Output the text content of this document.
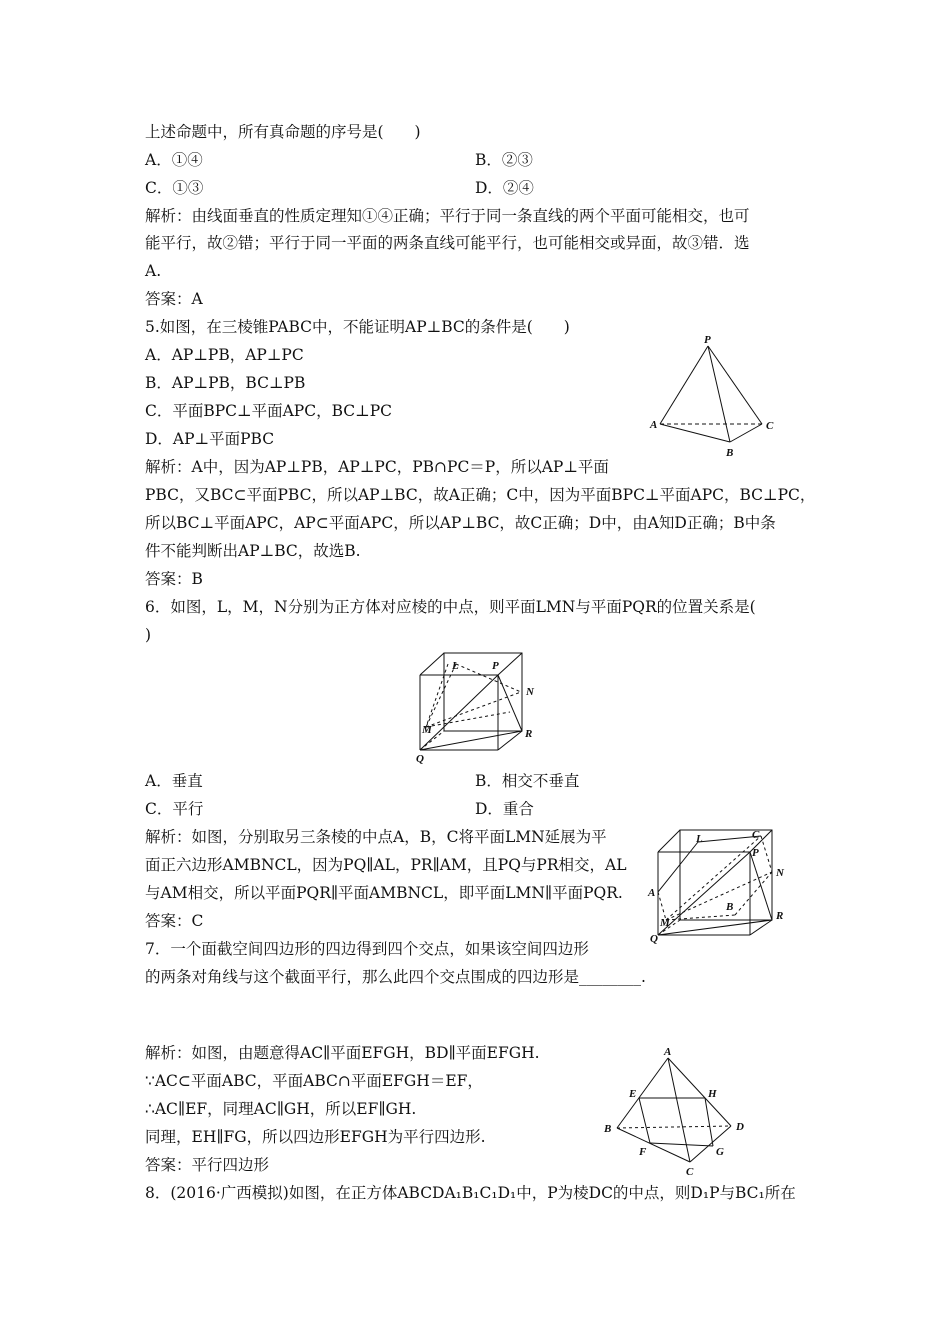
上述命题中，所有真命题的序号是(　　)
A．①④	B．②③
C．①③	D．②④
解析：由线面垂直的性质定理知①④正确；平行于同一条直线的两个平面可能相交，也可
能平行，故②错；平行于同一平面的两条直线可能平行，也可能相交或异面，故③错．选
A.
答案：A
5.如图，在三棱锥PABC中，不能证明AP⊥BC的条件是(　　)
A．AP⊥PB，AP⊥PC
B．AP⊥PB，BC⊥PB
C．平面BPC⊥平面APC，BC⊥PC
D．AP⊥平面PBC
解析：A中，因为AP⊥PB，AP⊥PC，PB∩PC＝P，所以AP⊥平面
PBC，又BC⊂平面PBC，所以AP⊥BC，故A正确；C中，因为平面BPC⊥平面APC，BC⊥PC，
所以BC⊥平面APC，AP⊂平面APC，所以AP⊥BC，故C正确；D中，由A知D正确；B中条
件不能判断出AP⊥BC，故选B.
答案：B
P
A
B
C
6．如图，L，M，N分别为正方体对应棱的中点，则平面LMN与平面PQR的位置关系是(
)
L	P
N
M	R
Q
A．垂直	B．相交不垂直
C．平行	D．重合
解析：如图，分别取另三条棱的中点A，B，C将平面LMN延展为平
面正六边形AMBNCL，因为PQ∥AL，PR∥AM，且PQ与PR相交，AL
与AM相交，所以平面PQR∥平面AMBNCL，即平面LMN∥平面PQR.
答案：C
L	C
P
N
A
B
M
R
Q
7．一个面截空间四边形的四边得到四个交点，如果该空间四边形
的两条对角线与这个截面平行，那么此四个交点围成的四边形是________.
解析：如图，由题意得AC∥平面EFGH，BD∥平面EFGH.
∵AC⊂平面ABC，平面ABC∩平面EFGH＝EF，
∴AC∥EF，同理AC∥GH，所以EF∥GH.
同理，EH∥FG，所以四边形EFGH为平行四边形.
答案：平行四边形
A
E	H
B	D
F	G
C
8．(2016·广西模拟)如图，在正方体ABCDA₁B₁C₁D₁中，P为棱DC的中点，则D₁P与BC₁所在
